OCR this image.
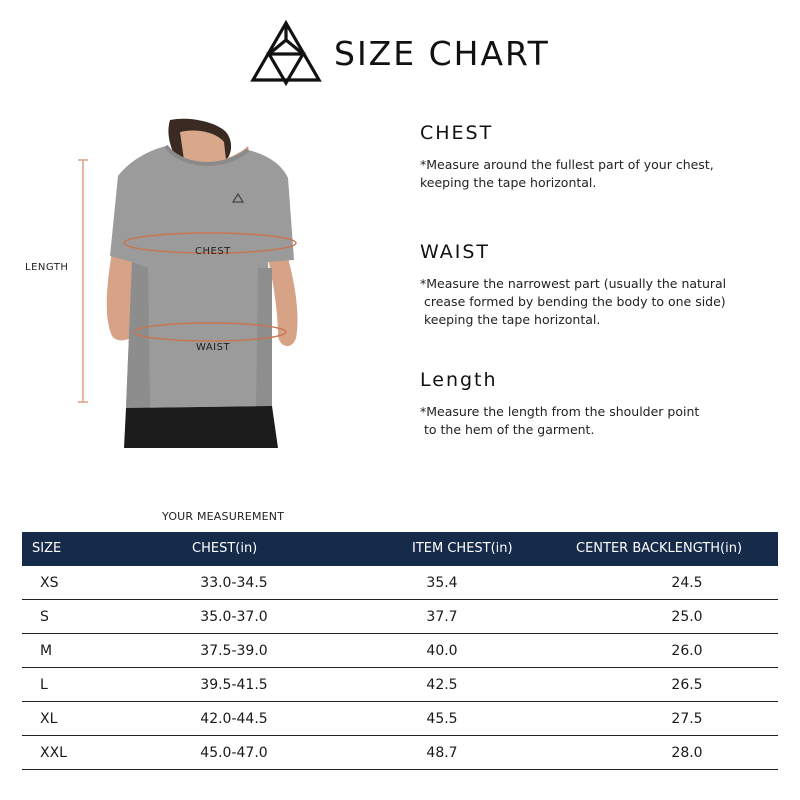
SIZE CHART
LENGTH
CHEST
WAIST
CHEST
*Measure around the fullest part of your chest,
keeping the tape horizontal.
WAIST
*Measure the narrowest part (usually the natural
crease formed by bending the body to one side)
keeping the tape horizontal.
Length
*Measure the length from the shoulder point
to the hem of the garment.
YOUR MEASUREMENT
SIZE	CHEST(in)	ITEM CHEST(in)	CENTER BACKLENGTH(in)
XS	33.0-34.5	35.4	24.5
S	35.0-37.0	37.7	25.0
M	37.5-39.0	40.0	26.0
L	39.5-41.5	42.5	26.5
XL	42.0-44.5	45.5	27.5
XXL	45.0-47.0	48.7	28.0
